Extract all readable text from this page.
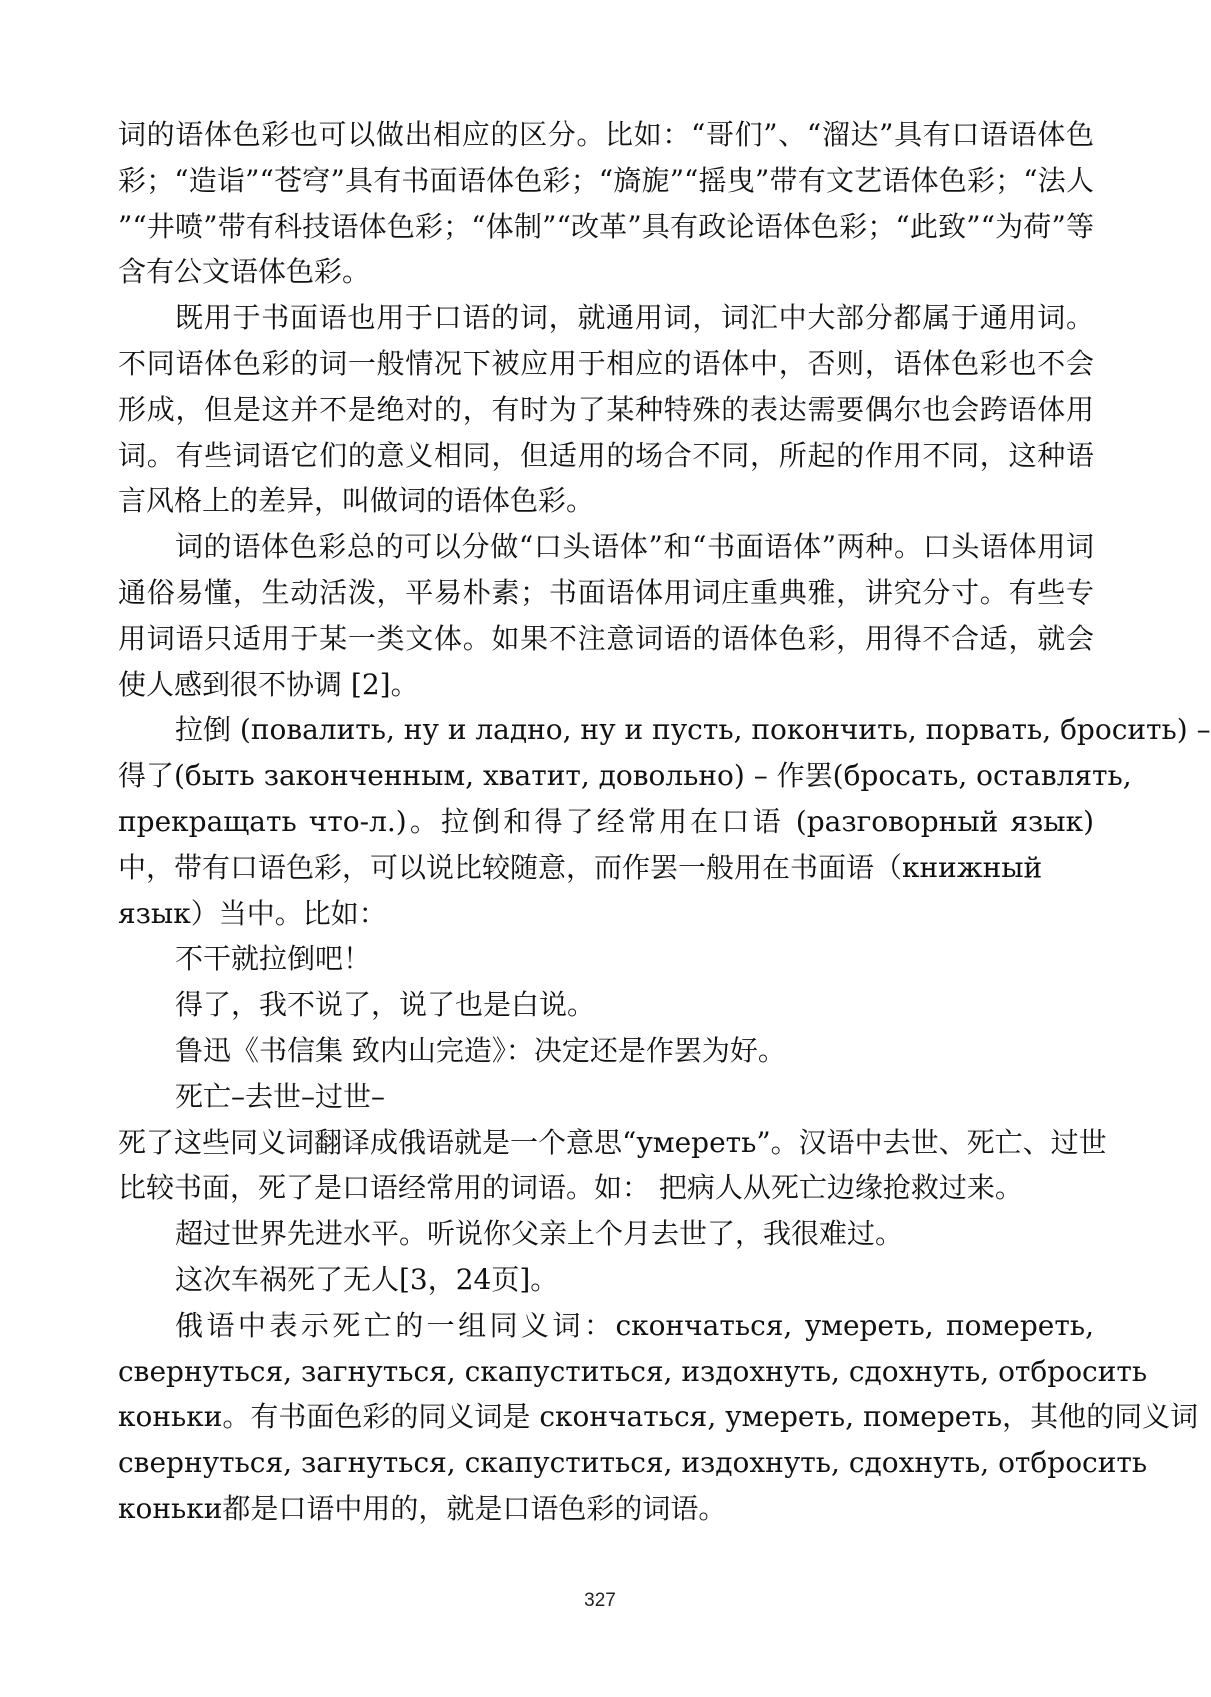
词的语体色彩也可以做出相应的区分。比如：“哥们”、“溜达”具有口语语体色
彩；“造诣”“苍穹”具有书面语体色彩；“旖旎”“摇曳”带有文艺语体色彩；“法人
”“井喷”带有科技语体色彩；“体制”“改革”具有政论语体色彩；“此致”“为荷”等
含有公文语体色彩。
既用于书面语也用于口语的词，就通用词，词汇中大部分都属于通用词。
不同语体色彩的词一般情况下被应用于相应的语体中，否则，语体色彩也不会
形成，但是这并不是绝对的，有时为了某种特殊的表达需要偶尔也会跨语体用
词。有些词语它们的意义相同，但适用的场合不同，所起的作用不同，这种语
言风格上的差异，叫做词的语体色彩。
词的语体色彩总的可以分做“口头语体”和“书面语体”两种。口头语体用词
通俗易懂，生动活泼，平易朴素；书面语体用词庄重典雅，讲究分寸。有些专
用词语只适用于某一类文体。如果不注意词语的语体色彩，用得不合适，就会
使人感到很不协调 [2]。
拉倒 (повалить, ну и ладно, ну и пусть, покончить, порвать, бросить) –
得了(быть законченным, хватит, довольно) – 作罢(бросать, оставлять,
прекращать что-л.)。拉倒和得了经常用在口语 (разговорный язык)
中，带有口语色彩，可以说比较随意，而作罢一般用在书面语（книжный
язык）当中。比如：
不干就拉倒吧！
得了，我不说了，说了也是白说。
鲁迅《书信集 致内山完造》：决定还是作罢为好。
死亡–去世–过世–
死了这些同义词翻译成俄语就是一个意思“умереть”。汉语中去世、死亡、过世
比较书面，死了是口语经常用的词语。如： 把病人从死亡边缘抢救过来。
超过世界先进水平。听说你父亲上个月去世了，我很难过。
这次车祸死了无人[3，24页]。
俄语中表示死亡的一组同义词：скончаться, умереть, помереть,
свернуться, загнуться, скапуститься, издохнуть, сдохнуть, отбросить
коньки。有书面色彩的同义词是 скончаться, умереть, помереть，其他的同义词
свернуться, загнуться, скапуститься, издохнуть, сдохнуть, отбросить
коньки都是口语中用的，就是口语色彩的词语。
327
